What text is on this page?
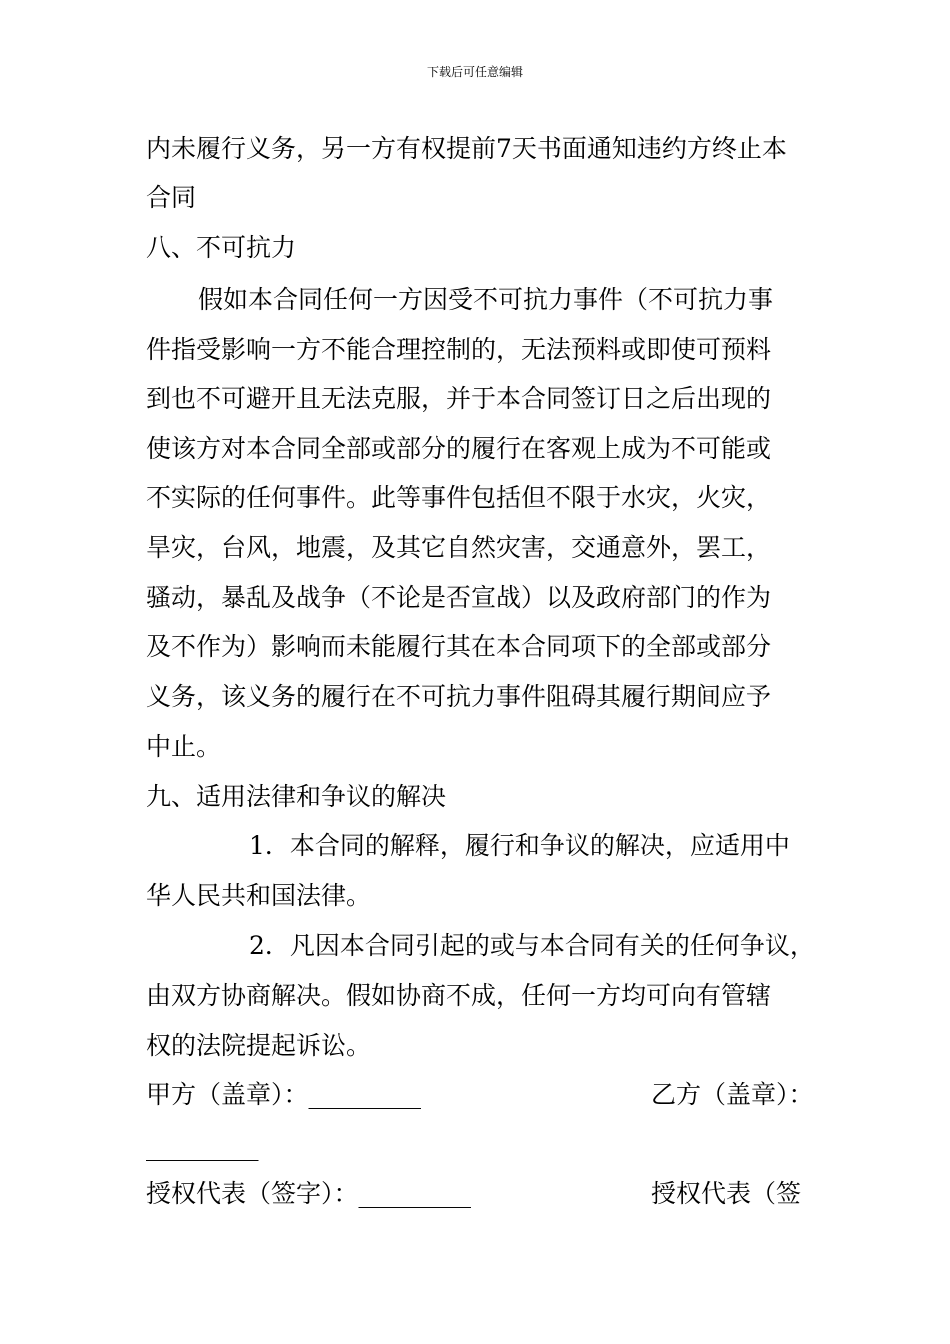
下载后可任意编辑
内未履行义务，另一方有权提前7天书面通知违约方终止本
合同
八、不可抗力
假如本合同任何一方因受不可抗力事件（不可抗力事
件指受影响一方不能合理控制的，无法预料或即使可预料
到也不可避开且无法克服，并于本合同签订日之后出现的
使该方对本合同全部或部分的履行在客观上成为不可能或
不实际的任何事件。此等事件包括但不限于水灾，火灾，
旱灾，台风，地震，及其它自然灾害，交通意外，罢工，
骚动，暴乱及战争（不论是否宣战）以及政府部门的作为
及不作为）影响而未能履行其在本合同项下的全部或部分
义务，该义务的履行在不可抗力事件阻碍其履行期间应予
中止。
九、适用法律和争议的解决
1．本合同的解释，履行和争议的解决，应适用中
华人民共和国法律。
2．凡因本合同引起的或与本合同有关的任何争议，
由双方协商解决。假如协商不成，任何一方均可向有管辖
权的法院提起诉讼。
甲方（盖章）：_________	乙方（盖章）：
_________
授权代表（签字）：_________	授权代表（签
